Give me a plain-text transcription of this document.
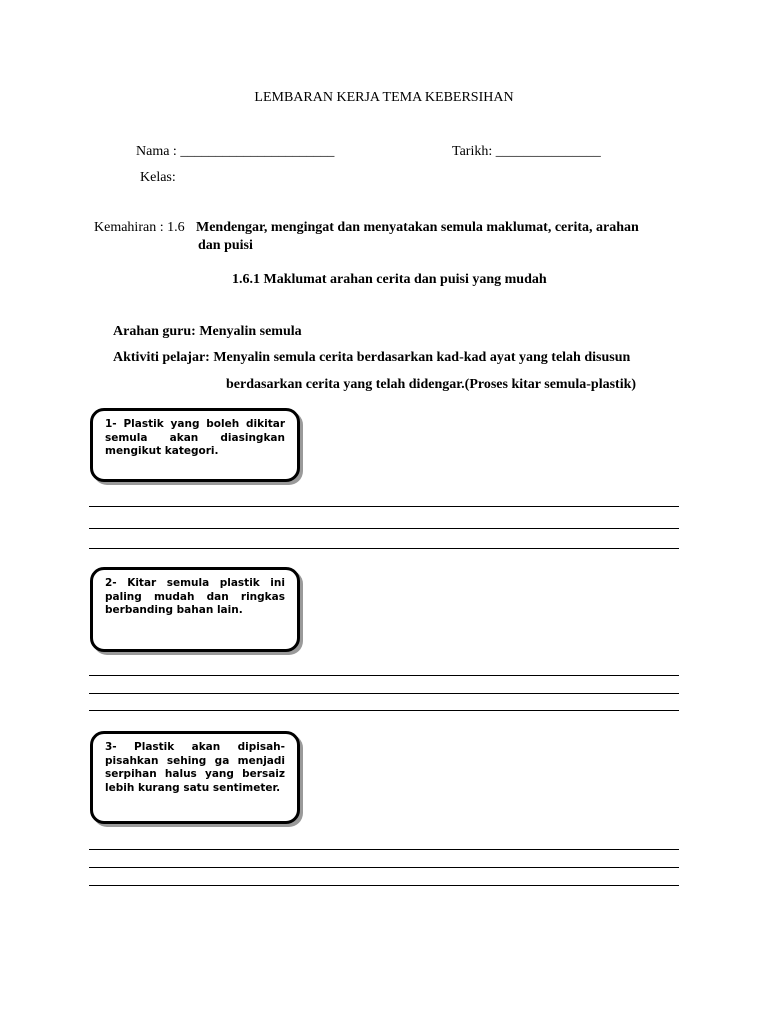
LEMBARAN KERJA TEMA KEBERSIHAN
Nama : ______________________	Tarikh: _______________
Kelas:
Kemahiran : 1.6 Mendengar, mengingat dan menyatakan semula maklumat, cerita, arahan
dan puisi
1.6.1 Maklumat arahan cerita dan puisi yang mudah
Arahan guru: Menyalin semula
Aktiviti pelajar: Menyalin semula cerita berdasarkan kad-kad ayat yang telah disusun
berdasarkan cerita yang telah didengar.(Proses kitar semula-plastik)
1- Plastik yang boleh dikitar semula akan diasingkan mengikut kategori.
2- Kitar semula plastik ini paling mudah dan ringkas berbanding bahan lain.
3- Plastik akan dipisah-pisahkan sehing ga menjadi serpihan halus yang bersaiz lebih kurang satu sentimeter.
